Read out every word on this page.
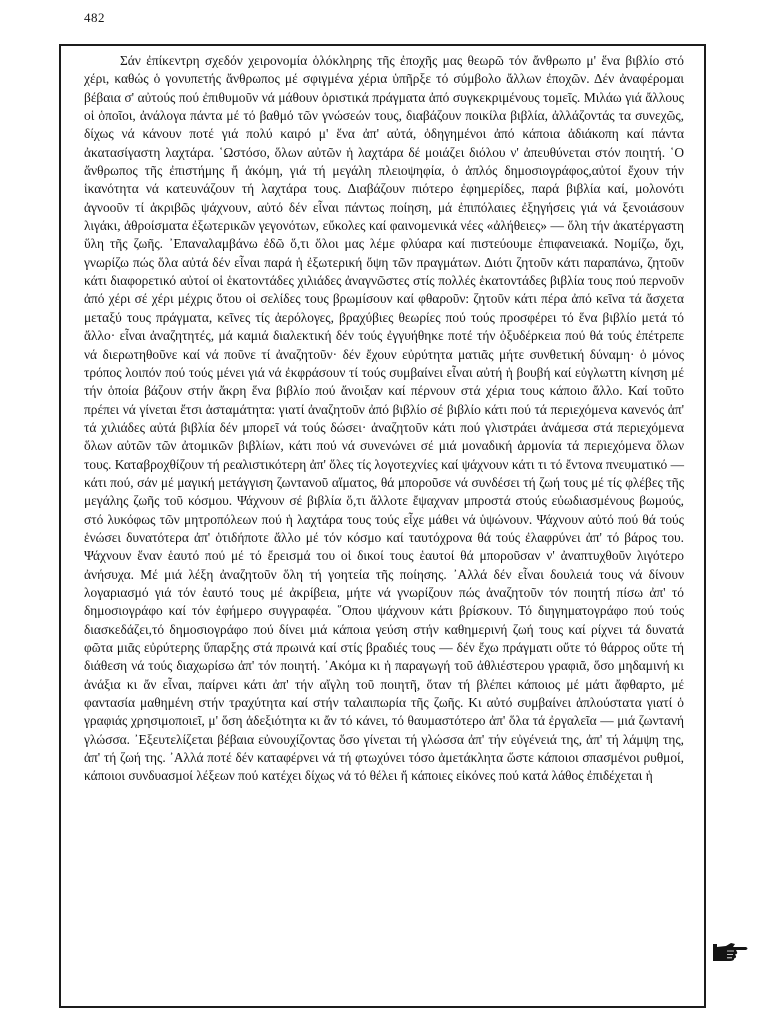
482

Σάν ἐπίκεντρη σχεδόν χειρονομία ὁλόκληρης τῆς ἐποχῆς μας θεωρῶ τόν ἄνθρωπο μ' ἕνα βιβλίο στό χέρι, καθώς ὁ γονυπετής ἄνθρωπος μέ σφιγμένα χέρια ὑπῆρξε τό σύμβολο ἄλλων ἐποχῶν. Δέν ἀναφέρομαι βέβαια σ' αὐτούς πού ἐπιθυμοῦν νά μάθουν ὁριστικά πράγματα ἀπό συγκεκριμένους τομεῖς. Μιλάω γιά ἄλλους οἱ ὁποῖοι, ἀνάλογα πάντα μέ τό βαθμό τῶν γνώσεών τους, διαβάζουν ποικίλα βιβλία, ἀλλάζοντάς τα συνεχῶς, δίχως νά κάνουν ποτέ γιά πολύ καιρό μ' ἕνα ἀπ' αὐτά, ὁδηγημένοι ἀπό κάποια ἀδιάκοπη καί πάντα ἀκατασίγαστη λαχτάρα. ῾Ωστόσο, ὅλων αὐτῶν ἡ λαχτάρα δέ μοιάζει διόλου ν' ἀπευθύνεται στόν ποιητή. ῾Ο ἄνθρωπος τῆς ἐπιστήμης ἤ ἀκόμη, γιά τή μεγάλη πλειοψηφία, ὁ ἁπλός δημοσιογράφος,αὐτοί ἔχουν τήν ἱκανότητα νά κατευνάζουν τή λαχτάρα τους. Διαβάζουν πιότερο ἐφημερίδες, παρά βιβλία καί, μολονότι ἀγνοοῦν τί ἀκριβῶς ψάχνουν, αὐτό δέν εἶναι πάντως ποίηση, μά ἐπιπόλαιες ἐξηγήσεις γιά νά ξενοιάσουν λιγάκι, ἀθροίσματα ἐξωτερικῶν γεγονότων, εὔκολες καί φαινομενικά νέες «ἀλήθειες» — ὅλη τήν ἀκατέργαστη ὕλη τῆς ζωῆς. ᾿Επαναλαμβάνω ἐδῶ ὅ,τι ὅλοι μας λέμε φλύαρα καί πιστεύουμε ἐπιφανειακά. Νομίζω, ὄχι, γνωρίζω πώς ὅλα αὐτά δέν εἶναι παρά ἡ ἐξωτερική ὄψη τῶν πραγμάτων. Διότι ζητοῦν κάτι παραπάνω, ζητοῦν κάτι διαφορετικό αὐτοί οἱ ἑκατοντάδες χιλιάδες ἀναγνῶστες στίς πολλές ἑκατοντάδες βιβλία τους πού περνοῦν ἀπό χέρι σέ χέρι μέχρις ὅτου οἱ σελίδες τους βρωμίσουν καί φθαροῦν: ζητοῦν κάτι πέρα ἀπό κεῖνα τά ἄσχετα μεταξύ τους πράγματα, κεῖνες τίς ἀερόλογες, βραχύβιες θεωρίες πού τούς προσφέρει τό ἕνα βιβλίο μετά τό ἄλλο· εἶναι ἀναζητητές, μά καμιά διαλεκτική δέν τούς ἐγγυήθηκε ποτέ τήν ὀξυδέρκεια πού θά τούς ἐπέτρεπε νά διερωτηθοῦνε καί νά ποῦνε τί ἀναζητοῦν· δέν ἔχουν εὐρύτητα ματιᾶς μήτε συνθετική δύναμη· ὁ μόνος τρόπος λοιπόν πού τούς μένει γιά νά ἐκφράσουν τί τούς συμβαίνει εἶναι αὐτή ἡ βουβή καί εὐγλωττη κίνηση μέ τήν ὁποία βάζουν στήν ἄκρη ἕνα βιβλίο πού ἄνοιξαν καί πέρνουν στά χέρια τους κάποιο ἄλλο. Καί τοῦτο πρέπει νά γίνεται ἔτσι ἀσταμάτητα: γιατί ἀναζητοῦν ἀπό βιβλίο σέ βιβλίο κάτι πού τά περιεχόμενα κανενός ἀπ' τά χιλιάδες αὐτά βιβλία δέν μπορεῖ νά τούς δώσει· ἀναζητοῦν κάτι πού γλιστράει ἀνάμεσα στά περιεχόμενα ὅλων αὐτῶν τῶν ἀτομικῶν βιβλίων, κάτι πού νά συνενώνει σέ μιά μοναδική ἁρμονία τά περιεχόμενα ὅλων τους. Καταβροχθίζουν τή ρεαλιστικότερη ἀπ' ὅλες τίς λογοτεχνίες καί ψάχνουν κάτι τι τό ἔντονα πνευματικό — κάτι πού, σάν μέ μαγική μετάγγιση ζωντανοῦ αἵματος, θά μποροῦσε νά συνδέσει τή ζωή τους μέ τίς φλέβες τῆς μεγάλης ζωῆς τοῦ κόσμου. Ψάχνουν σέ βιβλία ὅ,τι ἄλλοτε ἔψαχναν μπροστά στούς εὐωδιασμένους βωμούς, στό λυκόφως τῶν μητροπόλεων πού ἡ λαχτάρα τους τούς εἶχε μάθει νά ὑψώνουν. Ψάχνουν αὐτό πού θά τούς ἑνώσει δυνατότερα ἀπ' ὁτιδήποτε ἄλλο μέ τόν κόσμο καί ταυτόχρονα θά τούς ἐλαφρύνει ἀπ' τό βάρος του. Ψάχνουν ἕναν ἑαυτό πού μέ τό ἔρεισμά του οἱ δικοί τους ἑαυτοί θά μποροῦσαν ν' ἀναπτυχθοῦν λιγότερο ἀνήσυχα. Μέ μιά λέξη ἀναζητοῦν ὅλη τή γοητεία τῆς ποίησης. ᾿Αλλά δέν εἶναι δουλειά τους νά δίνουν λογαριασμό γιά τόν ἑαυτό τους μέ ἀκρίβεια, μήτε νά γνωρίζουν πώς ἀναζητοῦν τόν ποιητή πίσω ἀπ' τό δημοσιογράφο καί τόν ἐφήμερο συγγραφέα. ῞Οπου ψάχνουν κάτι βρίσκουν. Τό διηγηματογράφο πού τούς διασκεδάζει,τό δημοσιογράφο πού δίνει μιά κάποια γεύση στήν καθημερινή ζωή τους καί ρίχνει τά δυνατά φῶτα μιᾶς εὐρύτερης ὕπαρξης στά πρωινά καί στίς βραδιές τους — δέν ἔχω πράγματι οὔτε τό θάρρος οὔτε τή διάθεση νά τούς διαχωρίσω ἀπ' τόν ποιητή. ᾿Ακόμα κι ἡ παραγωγή τοῦ ἀθλιέστερου γραφιᾶ, ὅσο μηδαμινή κι ἀνάξια κι ἄν εἶναι, παίρνει κάτι ἀπ' τήν αἴγλη τοῦ ποιητῆ, ὅταν τή βλέπει κάποιος μέ μάτι ἄφθαρτο, μέ φαντασία μαθημένη στήν τραχύτητα καί στήν ταλαιπωρία τῆς ζωῆς. Κι αὐτό συμβαίνει ἁπλούστατα γιατί ὁ γραφιάς χρησιμοποιεῖ, μ' ὅση ἀδεξιότητα κι ἄν τό κάνει, τό θαυμαστότερο ἀπ' ὅλα τά ἐργαλεῖα — μιά ζωντανή γλώσσα. ᾿Εξευτελίζεται βέβαια εὐνουχίζοντας ὅσο γίνεται τή γλώσσα ἀπ' τήν εὐγένειά της, ἀπ' τή λάμψη της, ἀπ' τή ζωή της. ᾿Αλλά ποτέ δέν καταφέρνει νά τή φτωχύνει τόσο ἀμετάκλητα ὥστε κάποιοι σπασμένοι ρυθμοί, κάποιοι συνδυασμοί λέξεων πού κατέχει δίχως νά τό θέλει ἤ κάποιες εἰκόνες πού κατά λάθος ἐπιδέχεται ἡ
